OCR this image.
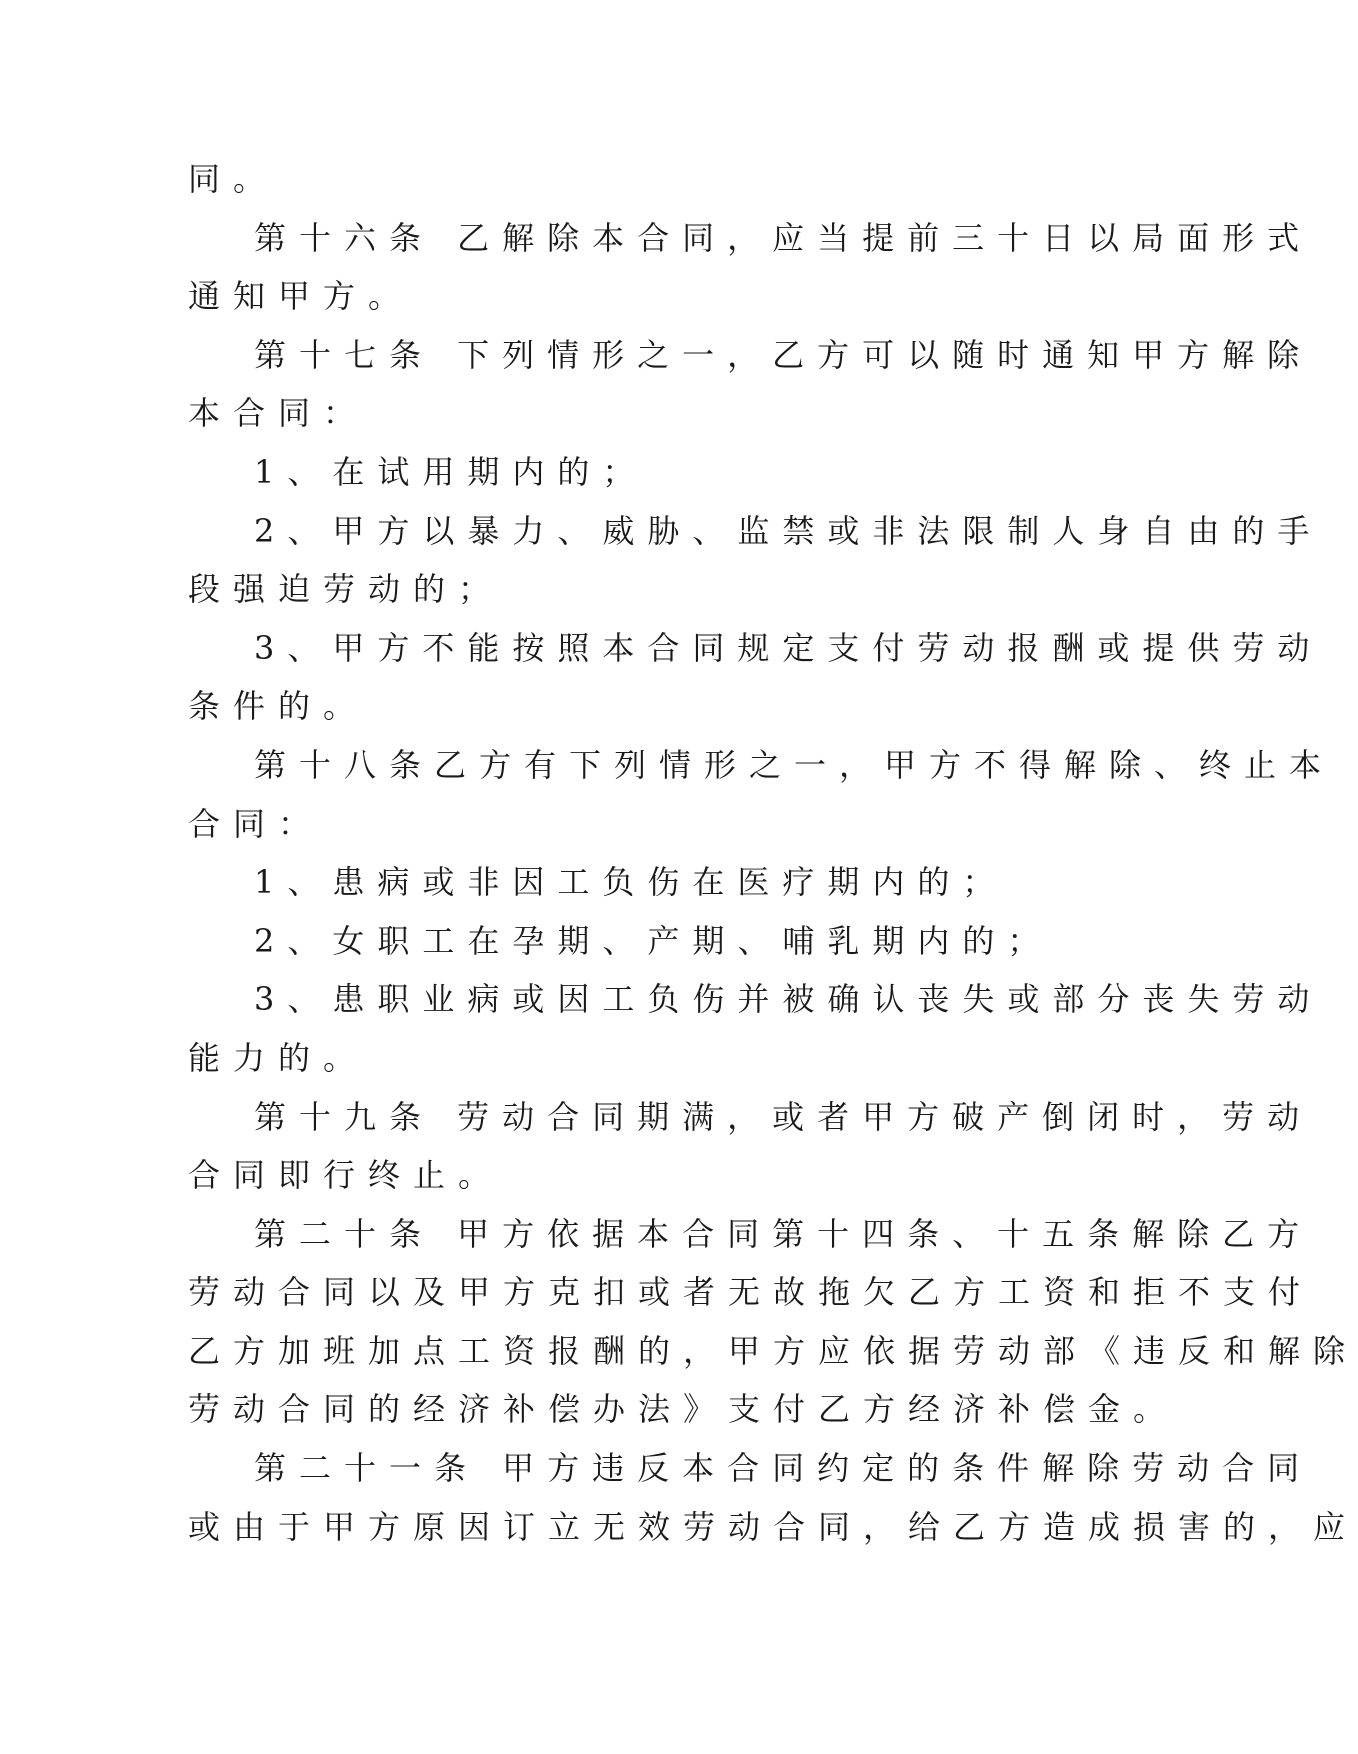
同。
第十六条 乙解除本合同，应当提前三十日以局面形式
通知甲方。
第十七条 下列情形之一，乙方可以随时通知甲方解除
本合同：
1、在试用期内的；
2、甲方以暴力、威胁、监禁或非法限制人身自由的手
段强迫劳动的；
3、甲方不能按照本合同规定支付劳动报酬或提供劳动
条件的。
第十八条乙方有下列情形之一，甲方不得解除、终止本
合同：
1、患病或非因工负伤在医疗期内的；
2、女职工在孕期、产期、哺乳期内的；
3、患职业病或因工负伤并被确认丧失或部分丧失劳动
能力的。
第十九条 劳动合同期满，或者甲方破产倒闭时，劳动
合同即行终止。
第二十条 甲方依据本合同第十四条、十五条解除乙方
劳动合同以及甲方克扣或者无故拖欠乙方工资和拒不支付
乙方加班加点工资报酬的，甲方应依据劳动部《违反和解除
劳动合同的经济补偿办法》支付乙方经济补偿金。
第二十一条 甲方违反本合同约定的条件解除劳动合同
或由于甲方原因订立无效劳动合同，给乙方造成损害的，应
